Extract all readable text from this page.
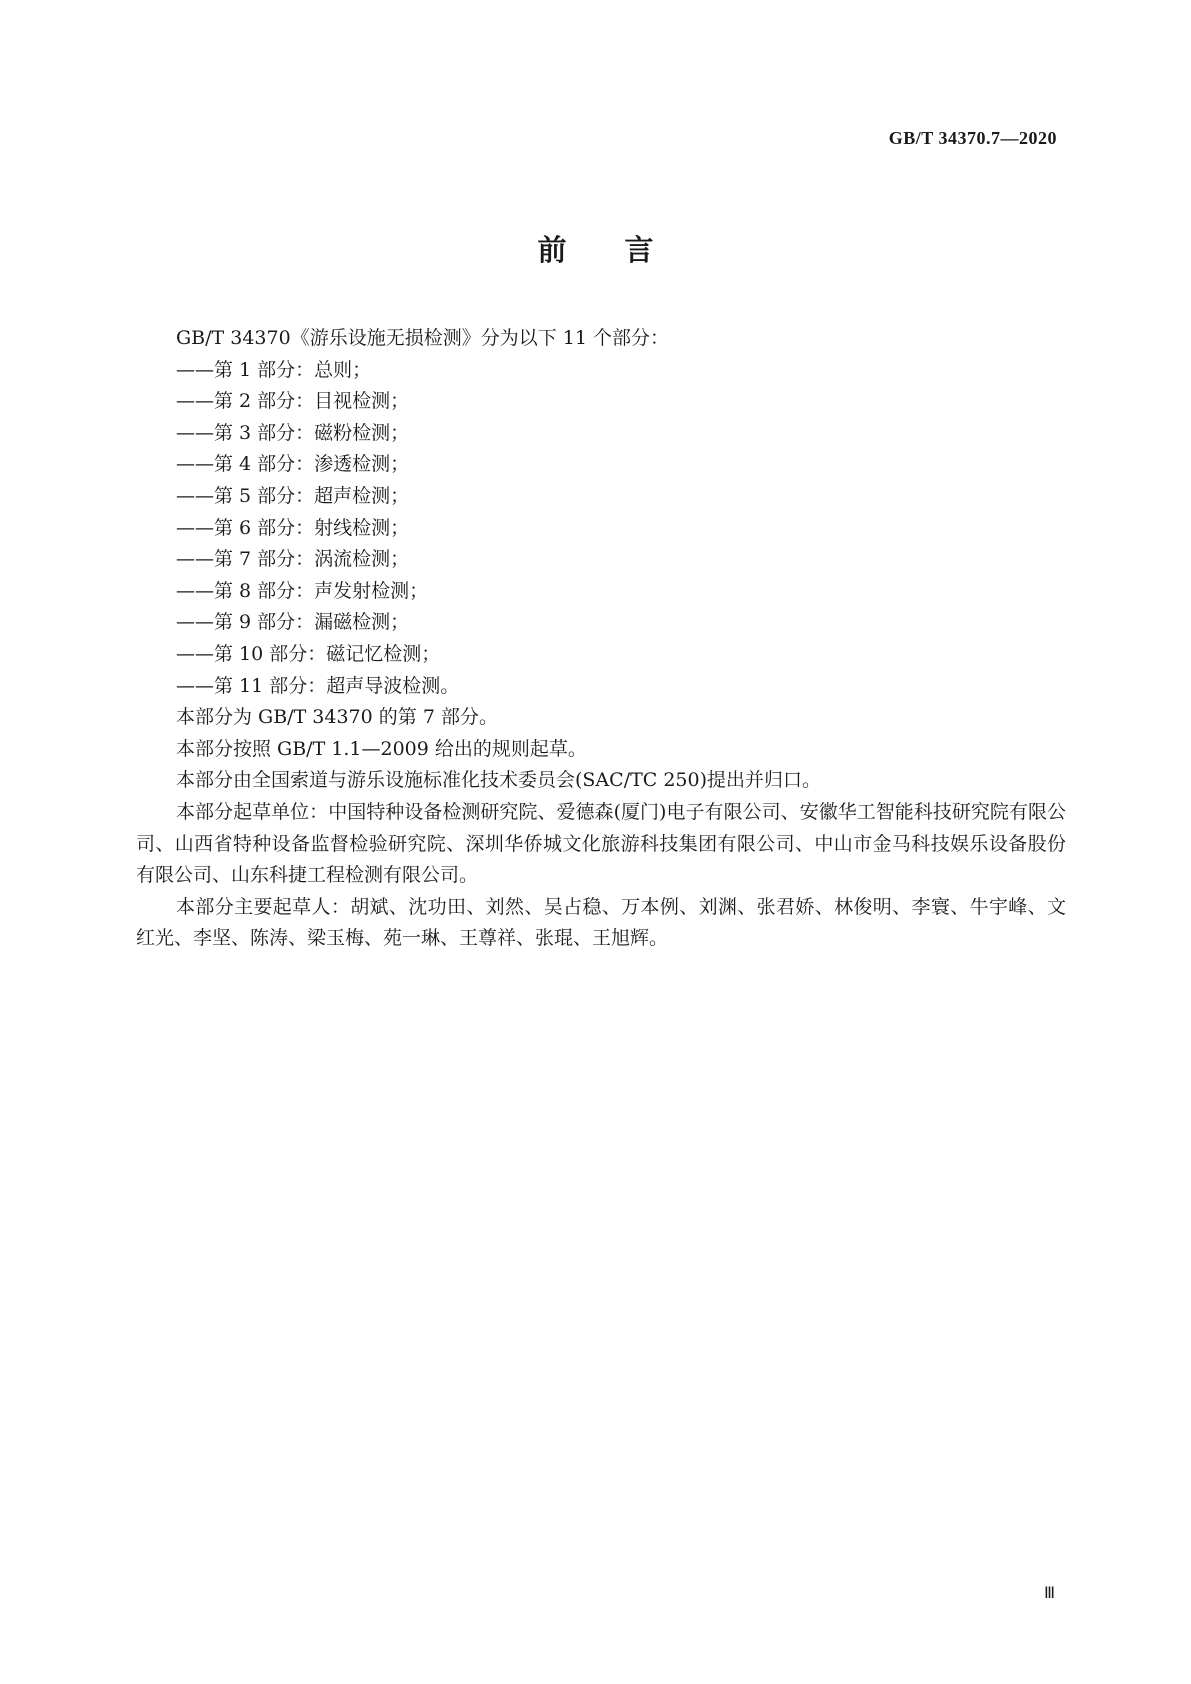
GB/T 34370.7—2020
前言

GB/T 34370《游乐设施无损检测》分为以下 11 个部分：

——第 1 部分：总则；

——第 2 部分：目视检测；

——第 3 部分：磁粉检测；

——第 4 部分：渗透检测；

——第 5 部分：超声检测；

——第 6 部分：射线检测；

——第 7 部分：涡流检测；

——第 8 部分：声发射检测；

——第 9 部分：漏磁检测；

——第 10 部分：磁记忆检测；

——第 11 部分：超声导波检测。

本部分为 GB/T 34370 的第 7 部分。

本部分按照 GB/T 1.1—2009 给出的规则起草。

本部分由全国索道与游乐设施标准化技术委员会(SAC/TC 250)提出并归口。

本部分起草单位：中国特种设备检测研究院、爱德森(厦门)电子有限公司、安徽华工智能科技研究院有限公司、山西省特种设备监督检验研究院、深圳华侨城文化旅游科技集团有限公司、中山市金马科技娱乐设备股份有限公司、山东科捷工程检测有限公司。

本部分主要起草人：胡斌、沈功田、刘然、吴占稳、万本例、刘渊、张君娇、林俊明、李寰、牛宇峰、文红光、李坚、陈涛、梁玉梅、苑一琳、王尊祥、张琨、王旭辉。

Ⅲ
